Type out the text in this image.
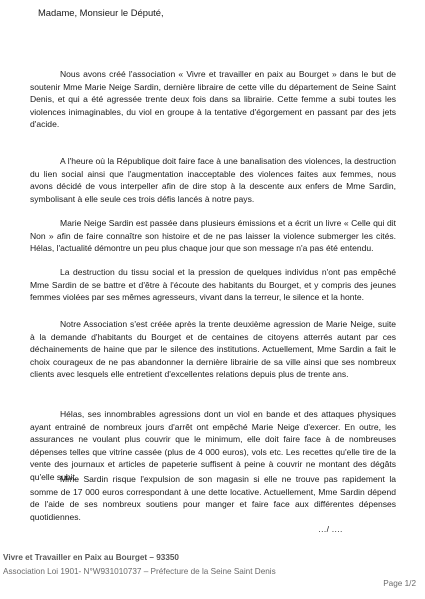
Madame, Monsieur le Député,

Nous avons créé l'association « Vivre et travailler en paix au Bourget » dans le but de soutenir Mme Marie Neige Sardin, dernière libraire de cette ville du département de Seine Saint Denis, et qui a été agressée trente deux fois dans sa librairie. Cette femme a subi toutes les violences inimaginables, du viol en groupe à la tentative d'égorgement en passant par des jets d'acide.

A l'heure où la République doit faire face à une banalisation des violences, la destruction du lien social ainsi que l'augmentation inacceptable des violences faites aux femmes, nous avons décidé de vous interpeller afin de dire stop à la descente aux enfers de Mme Sardin, symbolisant à elle seule ces trois défis lancés à notre pays.

Marie Neige Sardin est passée dans plusieurs émissions et a écrit un livre « Celle qui dit Non » afin de faire connaître son histoire et de ne pas laisser la violence submerger les cités. Hélas, l'actualité démontre un peu plus chaque jour que son message n'a pas été entendu.

La destruction du tissu social et la pression de quelques individus n'ont pas empêché Mme Sardin de se battre et d'être à l'écoute des habitants du Bourget, et y compris des jeunes femmes violées par ses mêmes agresseurs, vivant dans la terreur, le silence et la honte.

Notre Association s'est créée après la trente deuxième agression de Marie Neige, suite à la demande d'habitants du Bourget et de centaines de citoyens atterrés autant par ces déchainements de haine que par le silence des institutions. Actuellement, Mme Sardin a fait le choix courageux de ne pas abandonner la dernière librairie de sa ville ainsi que ses nombreux clients avec lesquels elle entretient d'excellentes relations depuis plus de trente ans.

Hélas, ses innombrables agressions dont un viol en bande et des attaques physiques ayant entrainé de nombreux jours d'arrêt ont empêché Marie Neige d'exercer. En outre, les assurances ne voulant plus couvrir que le minimum, elle doit faire face à de nombreuses dépenses telles que vitrine cassée (plus de 4 000 euros), vols etc. Les recettes qu'elle tire de la vente des journaux et articles de papeterie suffisent à peine à couvrir ne montant des dégâts qu'elle subit.

Mme Sardin risque l'expulsion de son magasin si elle ne trouve pas rapidement la somme de 17 000 euros correspondant à une dette locative. Actuellement, Mme Sardin dépend de l'aide de ses nombreux soutiens pour manger et faire face aux différentes dépenses quotidiennes.

…/ ….
Vivre et Travailler en Paix au Bourget – 93350
Association Loi 1901- N°W931010737 – Préfecture de la Seine Saint Denis
Page 1/2
